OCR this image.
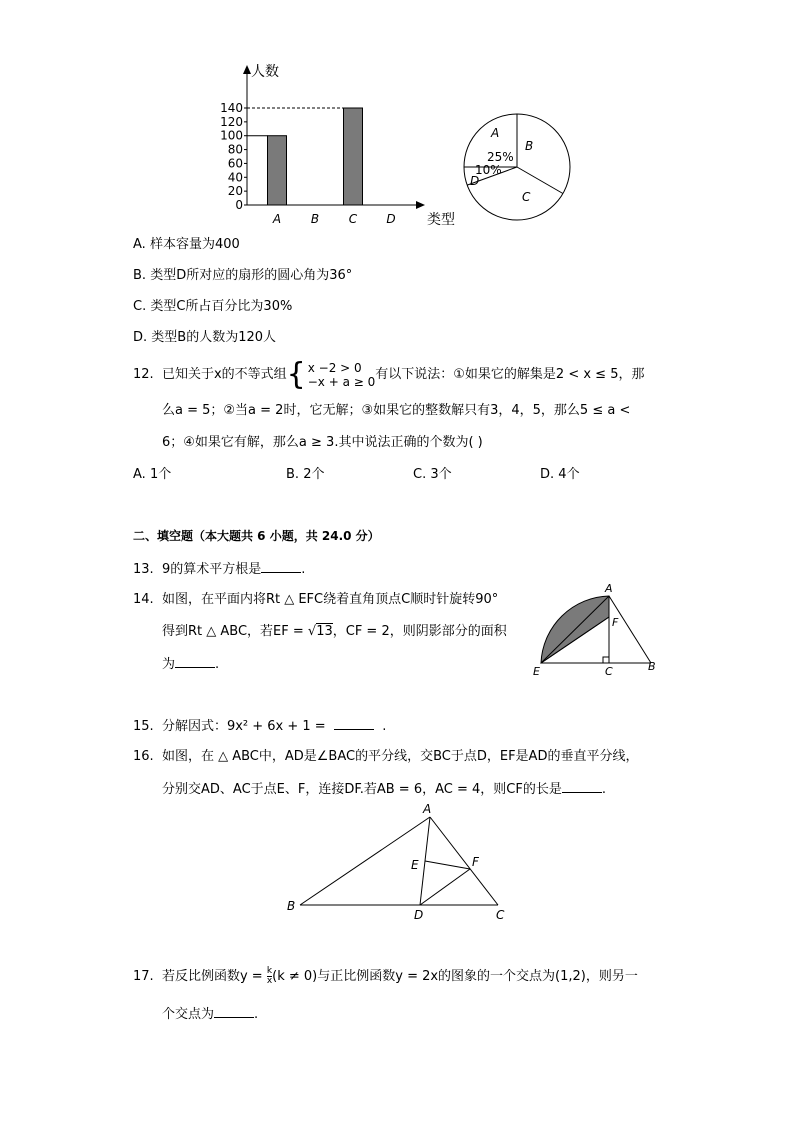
人数
类型
0
20
40
60
80
100
120
140
A B C D
A
B
C
D
25%
10%
A. 样本容量为400
B. 类型D所对应的扇形的圆心角为36°
C. 类型C所占百分比为30%
D. 类型B的人数为120人
12. 已知关于x的不等式组{ x −2 > 0
−x + a ≥ 0 有以下说法：①如果它的解集是2 < x ≤ 5，那
么a = 5；②当a = 2时，它无解；③如果它的整数解只有3，4，5，那么5 ≤ a <
6；④如果它有解，那么a ≥ 3.其中说法正确的个数为( )
A. 1个	B. 2个	C. 3个	D. 4个
二、填空题（本大题共 6 小题，共 24.0 分）
13. 9的算术平方根是	.
14. 如图，在平面内将Rt △ EFC绕着直角顶点C顺时针旋转90°
得到Rt △ ABC，若EF = √13，CF = 2，则阴影部分的面积
为	.
A
F
E	C	B
15. 分解因式：9x² + 6x + 1 =	.
16. 如图，在 △ ABC中，AD是∠BAC的平分线，交BC于点D，EF是AD的垂直平分线，
分别交AD、AC于点E、F，连接DF.若AB = 6，AC = 4，则CF的长是	.
A
B
C
D
E	F
17. 若反比例函数$y = \frac{k}{x} (k \ne 0)$与正比例函数y = 2x的图象的一个交点为(1,2)，则另一
个交点为	.
